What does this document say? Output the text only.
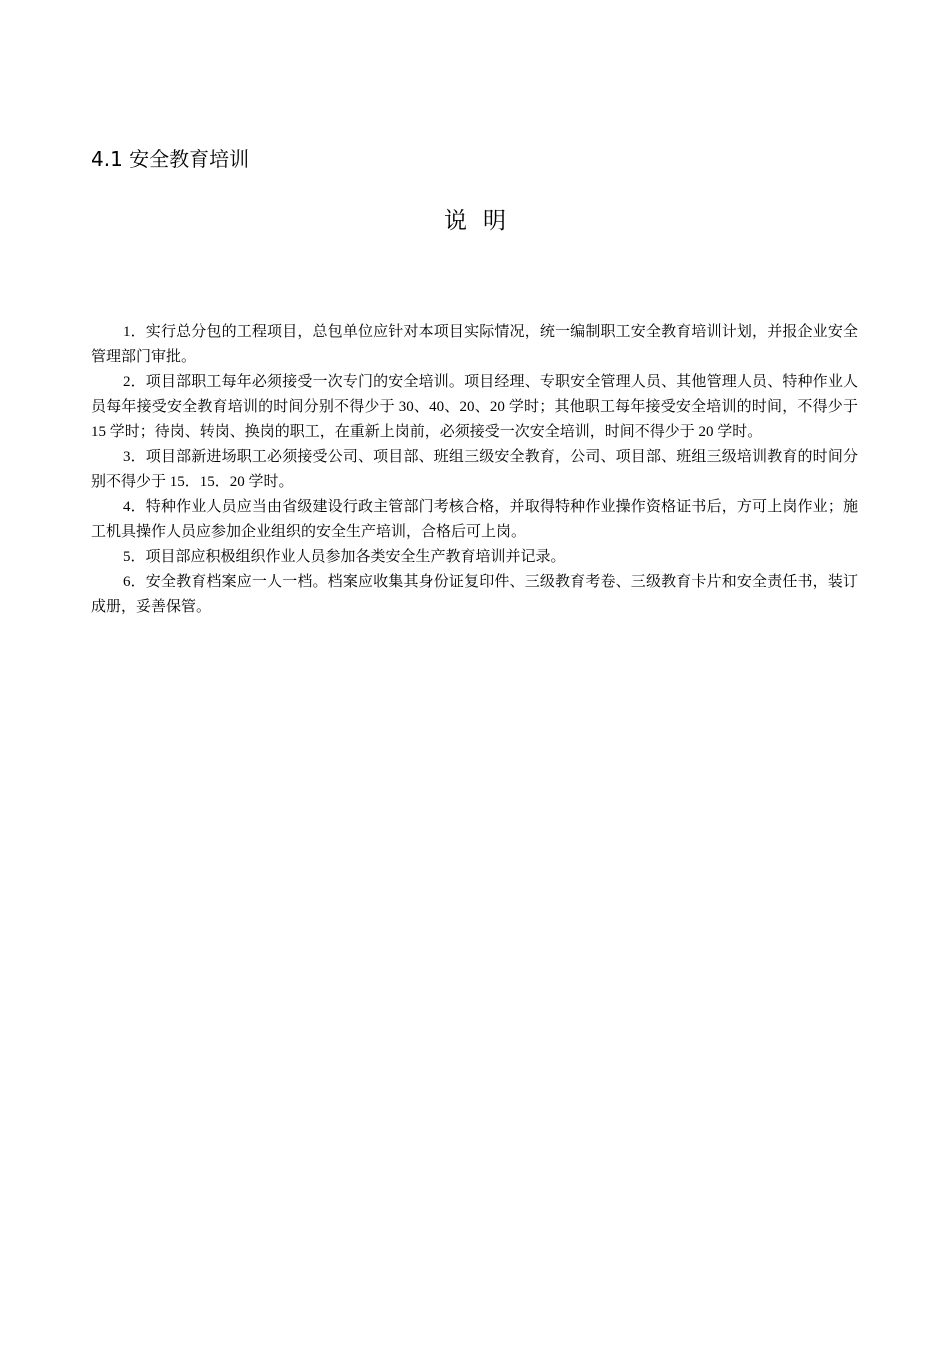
4.1 安全教育培训
说明

1．实行总分包的工程项目，总包单位应针对本项目实际情况，统一编制职工安全教育培训计划，并报企业安全管理部门审批。

2．项目部职工每年必须接受一次专门的安全培训。项目经理、专职安全管理人员、其他管理人员、特种作业人员每年接受安全教育培训的时间分别不得少于 30、40、20、20 学时；其他职工每年接受安全培训的时间，不得少于 15 学时；待岗、转岗、换岗的职工，在重新上岗前，必须接受一次安全培训，时间不得少于 20 学时。

3．项目部新进场职工必须接受公司、项目部、班组三级安全教育，公司、项目部、班组三级培训教育的时间分别不得少于 15．15．20 学时。

4．特种作业人员应当由省级建设行政主管部门考核合格，并取得特种作业操作资格证书后，方可上岗作业；施工机具操作人员应参加企业组织的安全生产培训，合格后可上岗。

5．项目部应积极组织作业人员参加各类安全生产教育培训并记录。

6．安全教育档案应一人一档。档案应收集其身份证复印件、三级教育考卷、三级教育卡片和安全责任书，装订成册，妥善保管。
